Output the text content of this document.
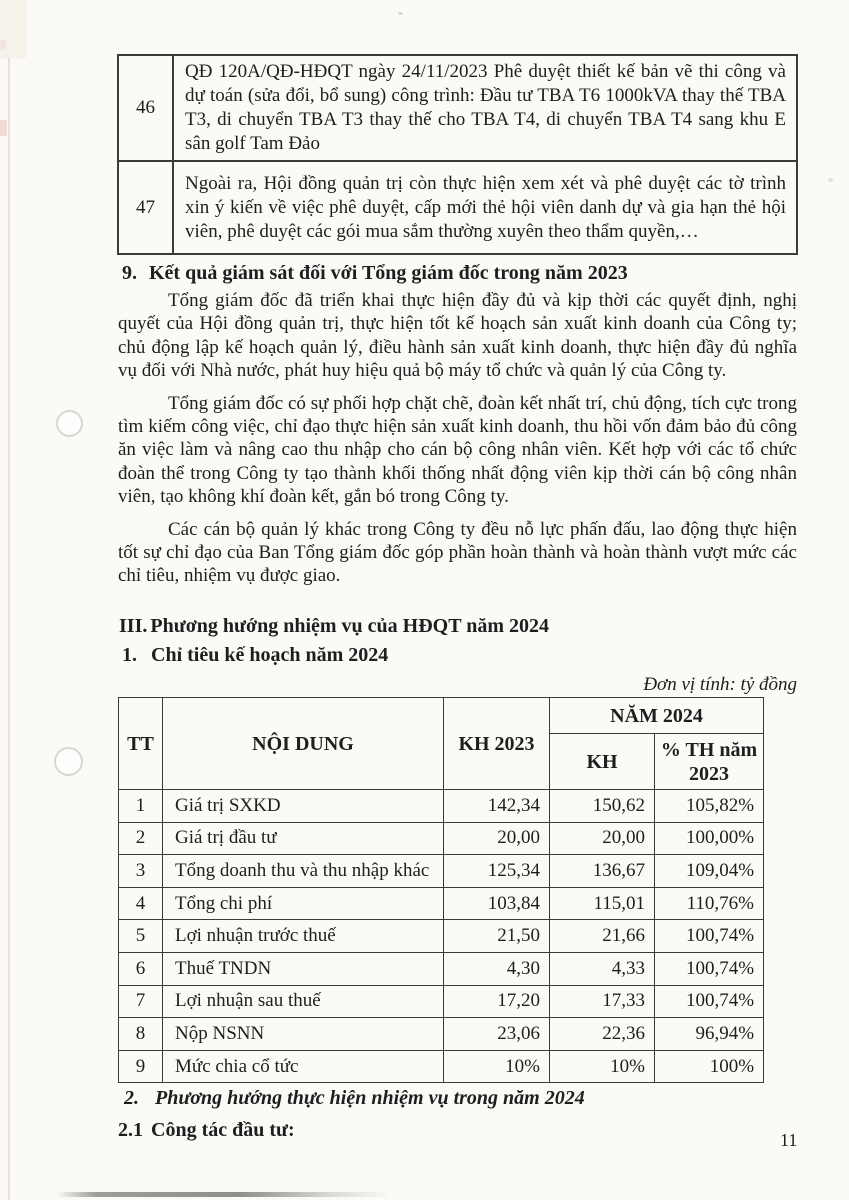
46	QĐ 120A/QĐ-HĐQT ngày 24/11/2023 Phê duyệt thiết kế bản vẽ thi công và dự toán (sửa đổi, bổ sung) công trình: Đầu tư TBA T6 1000kVA thay thế TBA T3, di chuyển TBA T3 thay thế cho TBA T4, di chuyển TBA T4 sang khu E sân golf Tam Đảo
47	Ngoài ra, Hội đồng quản trị còn thực hiện xem xét và phê duyệt các tờ trình xin ý kiến về việc phê duyệt, cấp mới thẻ hội viên danh dự và gia hạn thẻ hội viên, phê duyệt các gói mua sắm thường xuyên theo thẩm quyền,…
9. Kết quả giám sát đối với Tổng giám đốc trong năm 2023

Tổng giám đốc đã triển khai thực hiện đầy đủ và kịp thời các quyết định, nghị quyết của Hội đồng quản trị, thực hiện tốt kế hoạch sản xuất kinh doanh của Công ty; chủ động lập kế hoạch quản lý, điều hành sản xuất kinh doanh, thực hiện đầy đủ nghĩa vụ đối với Nhà nước, phát huy hiệu quả bộ máy tổ chức và quản lý của Công ty.

Tổng giám đốc có sự phối hợp chặt chẽ, đoàn kết nhất trí, chủ động, tích cực trong tìm kiếm công việc, chỉ đạo thực hiện sản xuất kinh doanh, thu hồi vốn đảm bảo đủ công ăn việc làm và nâng cao thu nhập cho cán bộ công nhân viên. Kết hợp với các tổ chức đoàn thể trong Công ty tạo thành khối thống nhất động viên kịp thời cán bộ công nhân viên, tạo không khí đoàn kết, gắn bó trong Công ty.

Các cán bộ quản lý khác trong Công ty đều nỗ lực phấn đấu, lao động thực hiện tốt sự chỉ đạo của Ban Tổng giám đốc góp phần hoàn thành và hoàn thành vượt mức các chỉ tiêu, nhiệm vụ được giao.

III. Phương hướng nhiệm vụ của HĐQT năm 2024
1. Chỉ tiêu kế hoạch năm 2024
Đơn vị tính: tỷ đồng
TT	NỘI DUNG	KH 2023	NĂM 2024	
			KH	% TH năm 2023
1	Giá trị SXKD	142,34	150,62	105,82%
2	Giá trị đầu tư	20,00	20,00	100,00%
3	Tổng doanh thu và thu nhập khác	125,34	136,67	109,04%
4	Tổng chi phí	103,84	115,01	110,76%
5	Lợi nhuận trước thuế	21,50	21,66	100,74%
6	Thuế TNDN	4,30	4,33	100,74%
7	Lợi nhuận sau thuế	17,20	17,33	100,74%
8	Nộp NSNN	23,06	22,36	96,94%
9	Mức chia cổ tức	10%	10%	100%
2. Phương hướng thực hiện nhiệm vụ trong năm 2024
2.1 Công tác đầu tư:	11
